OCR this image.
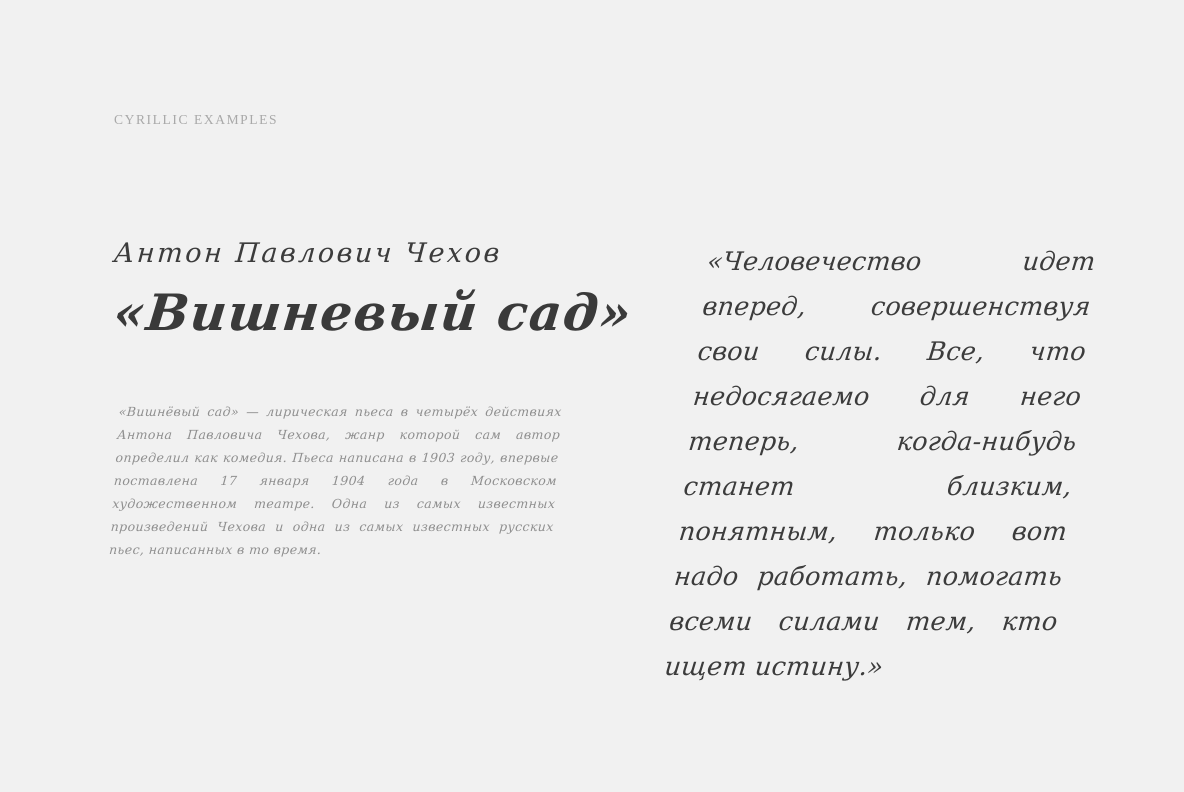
CYRILLIC EXAMPLES
Антон Павлович Чехов
«Вишневый сад»
«Вишнёвый сад» — лирическая пьеса в четырёх действиях Антона Павловича Чехова, жанр которой сам автор определил как комедия. Пьеса написана в 1903 году, впервые поставлена 17 января 1904 года в Московском художественном театре. Одна из самых известных произведений Чехова и одна из самых известных русских пьес, написанных в то время.
«Человечество идет вперед, совершенствуя свои силы. Все, что недосягаемо для него теперь, когда-нибудь станет близким, понятным, только вот надо работать, помогать всеми силами тем, кто ищет истину.»
